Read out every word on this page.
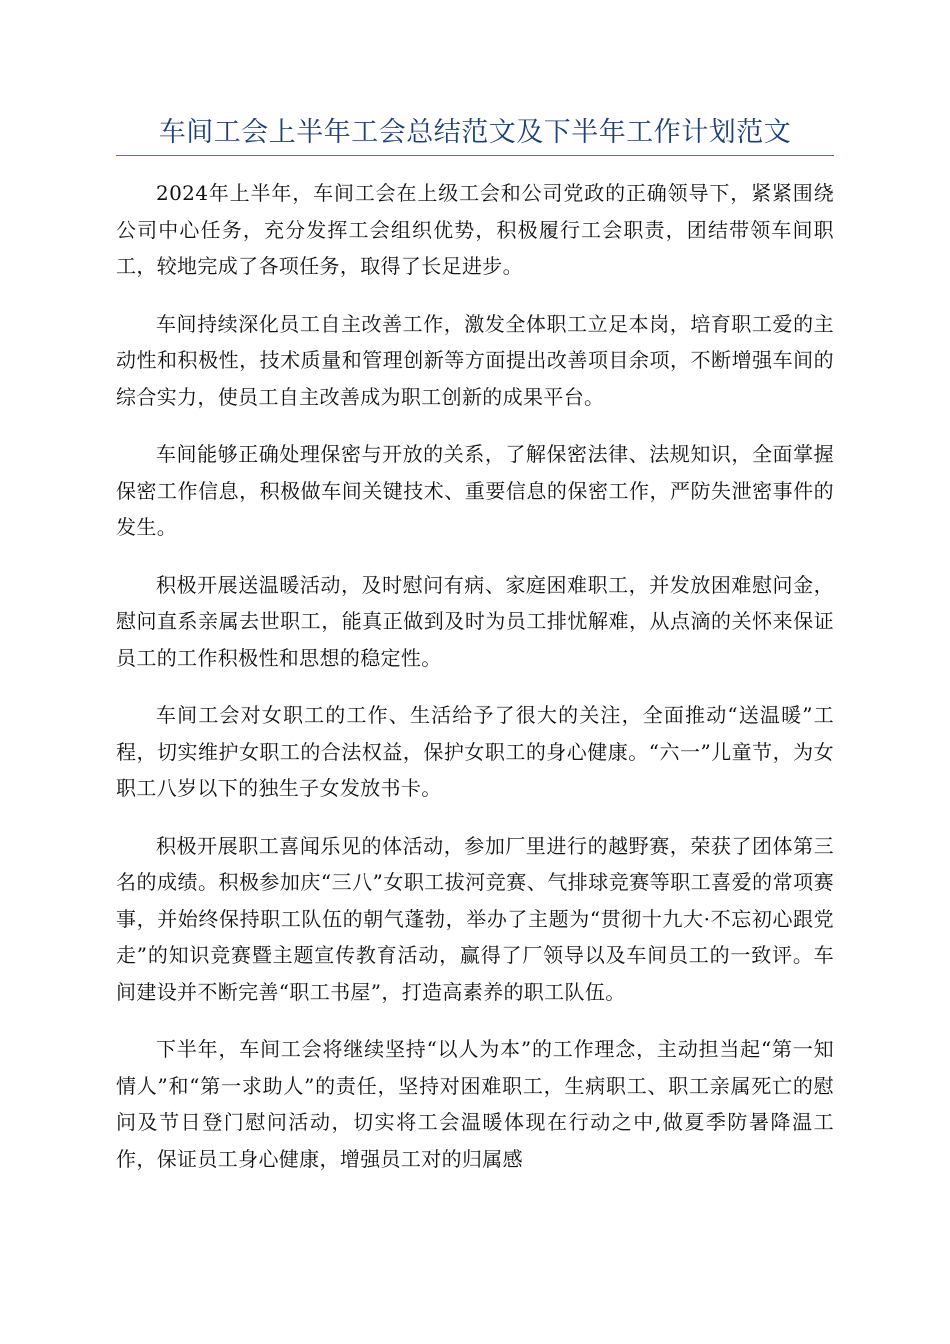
车间工会上半年工会总结范文及下半年工作计划范文

2024年上半年，车间工会在上级工会和公司党政的正确领导下，紧紧围绕公司中心任务，充分发挥工会组织优势，积极履行工会职责，团结带领车间职工，较地完成了各项任务，取得了长足进步。

车间持续深化员工自主改善工作，激发全体职工立足本岗，培育职工爱的主动性和积极性，技术质量和管理创新等方面提出改善项目余项，不断增强车间的综合实力，使员工自主改善成为职工创新的成果平台。

车间能够正确处理保密与开放的关系，了解保密法律、法规知识，全面掌握保密工作信息，积极做车间关键技术、重要信息的保密工作，严防失泄密事件的发生。

积极开展送温暖活动，及时慰问有病、家庭困难职工，并发放困难慰问金，慰问直系亲属去世职工，能真正做到及时为员工排忧解难，从点滴的关怀来保证员工的工作积极性和思想的稳定性。

车间工会对女职工的工作、生活给予了很大的关注，全面推动“送温暖”工程，切实维护女职工的合法权益，保护女职工的身心健康。“六一”儿童节，为女职工八岁以下的独生子女发放书卡。

积极开展职工喜闻乐见的体活动，参加厂里进行的越野赛，荣获了团体第三名的成绩。积极参加庆“三八”女职工拔河竞赛、气排球竞赛等职工喜爱的常项赛事，并始终保持职工队伍的朝气蓬勃，举办了主题为“贯彻十九大·不忘初心跟党走”的知识竞赛暨主题宣传教育活动，赢得了厂领导以及车间员工的一致评。车间建设并不断完善“职工书屋”，打造高素养的职工队伍。

下半年，车间工会将继续坚持“以人为本”的工作理念，主动担当起“第一知情人”和“第一求助人”的责任，坚持对困难职工，生病职工、职工亲属死亡的慰问及节日登门慰问活动，切实将工会温暖体现在行动之中,做夏季防暑降温工作，保证员工身心健康，增强员工对的归属感
